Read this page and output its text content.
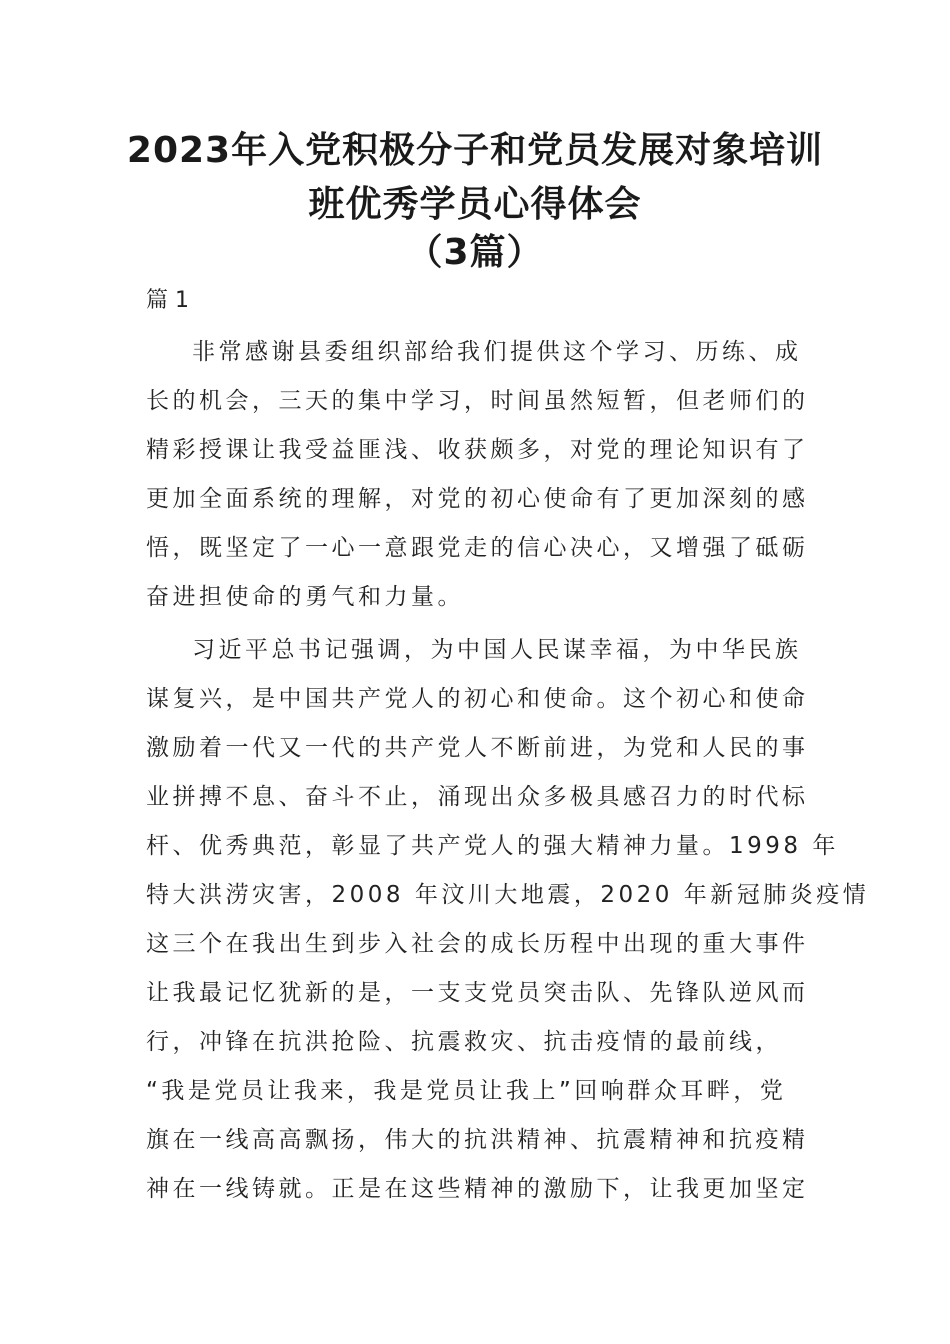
2023年入党积极分子和党员发展对象培训
班优秀学员心得体会
（3篇）
篇 1
非常感谢县委组织部给我们提供这个学习、历练、成
长的机会，三天的集中学习，时间虽然短暂，但老师们的
精彩授课让我受益匪浅、收获颇多，对党的理论知识有了
更加全面系统的理解，对党的初心使命有了更加深刻的感
悟，既坚定了一心一意跟党走的信心决心，又增强了砥砺
奋进担使命的勇气和力量。
习近平总书记强调，为中国人民谋幸福，为中华民族
谋复兴，是中国共产党人的初心和使命。这个初心和使命
激励着一代又一代的共产党人不断前进，为党和人民的事
业拼搏不息、奋斗不止，涌现出众多极具感召力的时代标
杆、优秀典范，彰显了共产党人的强大精神力量。1998 年
特大洪涝灾害，2008 年汶川大地震，2020 年新冠肺炎疫情
这三个在我出生到步入社会的成长历程中出现的重大事件
让我最记忆犹新的是，一支支党员突击队、先锋队逆风而
行，冲锋在抗洪抢险、抗震救灾、抗击疫情的最前线，
“我是党员让我来，我是党员让我上”回响群众耳畔，党
旗在一线高高飘扬，伟大的抗洪精神、抗震精神和抗疫精
神在一线铸就。正是在这些精神的激励下，让我更加坚定
